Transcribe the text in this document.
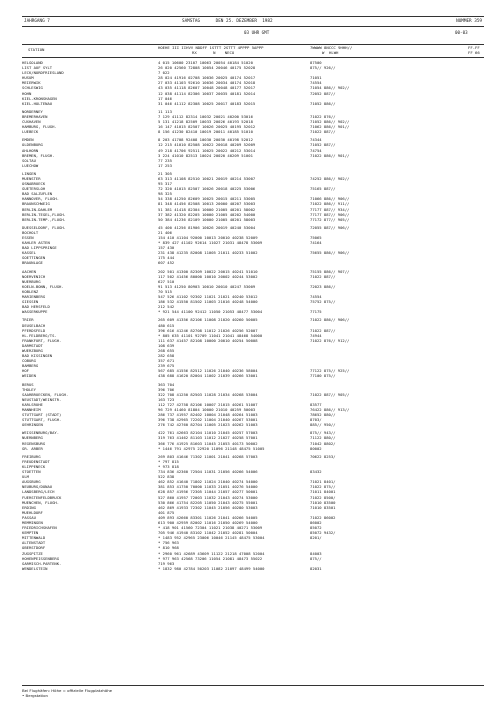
JAHRGANG 7	SAMSTAG      DEN 25. DEZEMBER  1982	NUMMER 359
03 UHR GMT	00-03
STATION	HOEHE III IIHVV NDDFF 1STTT 2STTT 4PPPP 5APPP
RX       N    NECO
7WWWW 8NCCC 9HHH//
W  HLWH
FF-FF
FF 66
HELGOLAND	4 015 10600 23107 10063 20054 40184 51020	87500
LIST AUF SYLT	26 020 42560 72808 10054 20046 40175 52028	875// 926//
LECK/NORDFRIESLAND	7 022
HUSUM	28 024 41916 02708 10036 20025 40174 52017	71051
MEIERWIK	27 033 41103 92610 10036 20034 40174 52018	74554
SCHLESWIG	43 035 41118 82607 10048 20048 40177 52017	71054 886// 902//
HOHN	12 038 41114 82306 10037 20035 40181 52014	72052 887//
KIEL-KRONSHAGEN	17 046
KIEL-HOLTENAU	31 046 41112 82308 10025 20017 40183 52015	71052 886//
NORDERNEY	11 113
BREMERHAVEN	7 129 41112 82314 10032 20021 40200 53016	71022 876//
CUXHAVEN	5 131 41218 82509 10033 20026 40193 52018	71052 886// 902//
HAMBURG, FLUGH.	16 147 41015 82507 10026 20025 40195 52012	71062 886// 901//
LUEBECK	8 156 41230 82410 10019 20011 40185 51010	71022 887//
EMDEN	8 203 41708 92408 10030 20030 40198 52012	74344
OLDENBURG	12 215 41010 82508 10022 20018 40209 52009	71052 887//
AHLHORN	49 218 41706 92511 10025 20022 40212 53014	74754
BREMEN, FLUGH.	3 224 41010 82513 10024 20020 40209 51001	71022 886// 901//
SOLTAU	77 235
LUECHOW	17 253
LINGEN	21 305
MUENSTER	63 313 41108 82510 10021 20019 40214 53007	74252 886// 902//
OSNABRUECK	95 317
GUETERSLOH	72 320 41015 82507 10026 20018 40225 53006	75165 887//
BAD SALZUFLEN	98 325
HANNOVER, FLUGH.	54 338 41250 82609 10025 20015 40211 53005	71066 886// 906//
BRAUNSCHWEIG	81 348 41456 82508 10013 20000 40207 53003	71022 886// 911//
BERLIN-DAHLEM	51 381 41418 82304 10000 21005 40201 58002	77177 887// 934//
BERLIN-TEGEL,FLUGH.	37 382 41320 82205 10000 21005 40202 54000	77177 887// 906//
BERLIN-TEMP.,FLUGH.	50 384 41236 82109 10000 21005 40201 58003	77172 877// 905//
DUESSELDORF, FLUGH.	45 400 41256 81906 10026 20019 40240 53004	72055 887// 906//
BOCHOLT	21 406
ESSEN	154 410 41104 92000 10013 20010 40238 52009	75065
KAHLER ASTEN	* 839 427 41102 92614 11027 21031 48478 53009	74164
BAD LIPPSPRINGE	157 430
KASSEL	231 438 41235 82008 11005 21011 40233 51002	75655 886// 906//
GOETTINGEN	175 444
BRAUNLAGE	607 452
AACHEN	202 501 41300 82309 10022 20015 40241 51010	75155 886// 907//
NOERVENICH	117 502 41456 80000 10010 20002 40244 53002	71022 887//
NUERBURG	627 510
KOELN-BONN, FLUGH.	91 513 41250 80903 10010 20010 40247 53009	72023 886//
KOBLENZ	70 515
MARIENBERG	547 526 41102 92302 11021 21021 40240 53012	74554
GIESSEN	186 532 41550 81502 11003 21016 40248 54000	75752 875//
BAD HERSFELD	212 542
WASSERKUPPE	* 921 544 41100 92412 11050 21053 48477 53004	77175
TRIER	265 609 41356 82106 11008 21020 40260 50005	71022 886// 906//
DEUSELBACH	480 615
PFERDSFELD	396 616 41246 82708 11012 21026 40256 52007	71022 887//
HL.FELDBERG/TS.	* 805 635 41101 92709 11041 21041 48468 54000	74944
FRANKFURT, FLUGH.	111 637 41457 82108 10000 20010 40254 50008	71022 876// 912//
DARMSTADT	108 639
WUERZBURG	268 655
BAD KISSINGEN	282 658
COBURG	357 671
BAMBERG	239 675
HOF	567 685 41556 82512 11026 21040 40236 58004	77122 875// 925//
WEIDEN	438 688 41620 82004 11002 21039 40266 53001	77100 875//
BERUS	363 704
THOLEY	396 706
SAARBRUECKEN, FLUGH.	322 708 41250 82503 11028 21034 40268 53004	71022 887// 905//
NEUSTADT/WEINSTR.	163 723
KARLSRUHE	112 727 42758 82106 10007 21015 40261 51007	83577
MANNHEIM	96 729 41460 81804 10000 21010 40259 50003	76422 886// 913//
STUTTGART (STADT)	286 737 41957 82402 10004 21048 40264 51003	78652 880//
STUTTGART, FLUGH.	396 738 42965 72202 11004 21040 40267 53001	8703/
OEHRINGEN	276 742 42760 82704 11005 21023 40262 51003	885// 950//
WEISSENBURG/BAY.	422 761 42663 82104 11010 21045 40257 57003	875// 943//
NUERNBERG	319 763 41462 81103 11012 21027 40258 57001	71122 880//
REGENSBURG	366 776 41925 81603 11045 21053 40173 50002	71042 8802/
GR. ARBER	* 1446 791 42975 22920 11096 21148 48475 51005	80002
FREIBURG	269 803 41646 71302 11001 21041 40268 57003	70622 8253/
FREUDENSTADT	* 797 815
KLIPPENECK	* 973 818
STOETTEN	734 836 42360 72504 11031 21056 40266 54006	83432
ULM	522 838
AUGSBURG	462 852 41640 71802 11024 21040 40274 54000	71021 8401/
NEUBURG/DONAU	381 853 41750 70000 11033 21051 40276 54000	71022 875//
LANDSBERG/LECH	628 857 41956 72305 11044 21057 40277 50001	71011 84001
FUERSTENFELDBRUCK	527 860 41957 72003 11032 21043 40274 53000	71022 8500/
MUENCHEN, FLUGH.	530 866 41754 82205 11050 21043 40275 55001	71010 83500
ERDING	462 869 41933 72302 11045 21056 40280 53003	71010 83501
MUEHLDORF	401 875
PASSAU	409 893 42660 83301 11026 21041 40266 54005	71022 86002
MEMMINGEN	613 900 42959 82002 11016 21050 40269 54000	86002
FRIEDRICHSHAFEN	* 418 901 41560 72304 11021 21038 40271 53009	85072
KEMPTEN	705 946 41940 83102 11042 21052 40281 50004	85072 9432/
MITTENWALD	* 1483 952 42965 23006 10046 21145 48475 53004	8201/
ALTENSTADT	* 756 963
OBERSTDORF	* 810 968
ZUGSPITZE	* 2960 961 42689 43609 11122 21218 47008 52004	84003
HOHENPEISSENBERG	* 977 963 42568 73206 11054 21081 48473 55022	875//
GARMISCH-PARTENK.	719 963
WENDELSTEIN	* 1832 980 42784 50203 11082 21097 48499 54000	82031
Bei Flughäfen: Höhe = offizielle Flugplatzhöhe
• Bergstation
